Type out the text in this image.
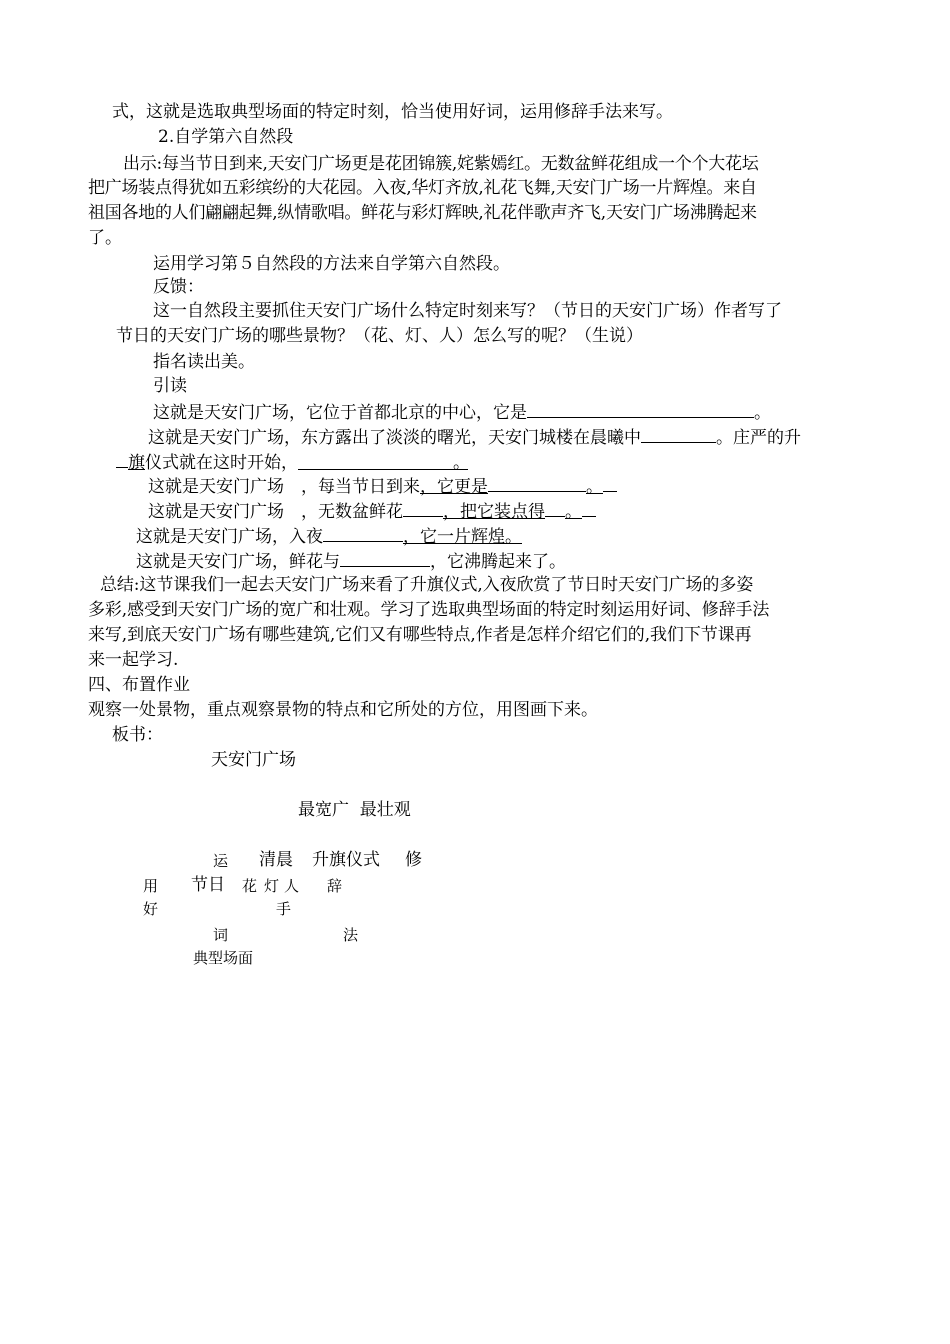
式，这就是选取典型场面的特定时刻，恰当使用好词，运用修辞手法来写。
2.自学第六自然段
出示:每当节日到来,天安门广场更是花团锦簇,姹紫嫣红。无数盆鲜花组成一个个大花坛
把广场装点得犹如五彩缤纷的大花园。入夜,华灯齐放,礼花飞舞,天安门广场一片辉煌。来自
祖国各地的人们翩翩起舞,纵情歌唱。鲜花与彩灯辉映,礼花伴歌声齐飞,天安门广场沸腾起来
了。
运用学习第５自然段的方法来自学第六自然段。
反馈：
这一自然段主要抓住天安门广场什么特定时刻来写？（节日的天安门广场）作者写了
节日的天安门广场的哪些景物？（花、灯、人）怎么写的呢？（生说）
指名读出美。
引读
这就是天安门广场，它位于首都北京的中心，它是	。
这就是天安门广场，东方露出了淡淡的曙光，天安门城楼在晨曦中	。庄严的升
旗仪式就在这时开始，	。
这就是天安门广场　，每当节日到来，它更是	。
这就是天安门广场　，无数盆鲜花 ，把它装点得 。
这就是天安门广场，入夜	，它一片辉煌。
这就是天安门广场，鲜花与	，它沸腾起来了。
总结:这节课我们一起去天安门广场来看了升旗仪式,入夜欣赏了节日时天安门广场的多姿
多彩,感受到天安门广场的宽广和壮观。学习了选取典型场面的特定时刻运用好词、修辞手法
来写,到底天安门广场有哪些建筑,它们又有哪些特点,作者是怎样介绍它们的,我们下节课再
来一起学习.
四、布置作业
观察一处景物，重点观察景物的特点和它所处的方位，用图画下来。
板书：
天安门广场
最宽广  最壮观
运 清晨 升旗仪式 修
用 节日 花 灯 人 辞
好	手
词	法
典型场面
